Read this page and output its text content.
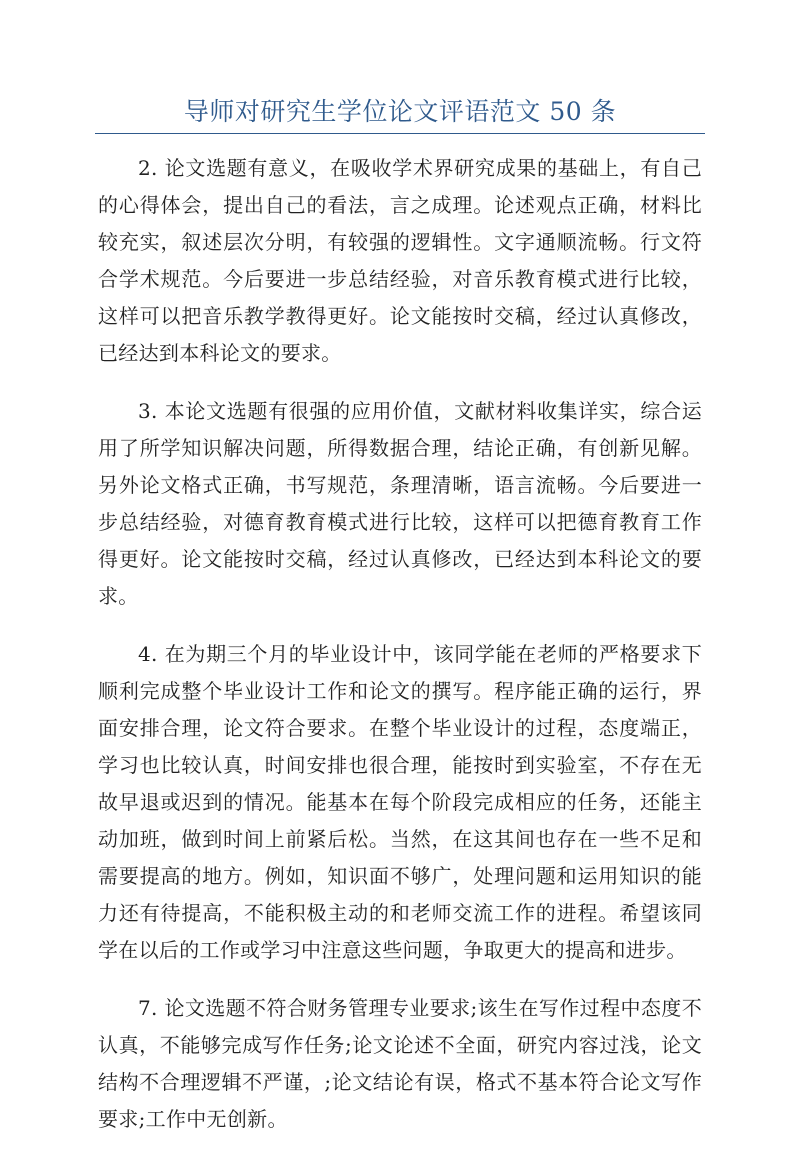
导师对研究生学位论文评语范文 50 条

2. 论文选题有意义，在吸收学术界研究成果的基础上，有自己的心得体会，提出自己的看法，言之成理。论述观点正确，材料比较充实，叙述层次分明，有较强的逻辑性。文字通顺流畅。行文符合学术规范。今后要进一步总结经验，对音乐教育模式进行比较，这样可以把音乐教学教得更好。论文能按时交稿，经过认真修改，已经达到本科论文的要求。

3. 本论文选题有很强的应用价值，文献材料收集详实，综合运用了所学知识解决问题，所得数据合理，结论正确，有创新见解。另外论文格式正确，书写规范，条理清晰，语言流畅。今后要进一步总结经验，对德育教育模式进行比较，这样可以把德育教育工作得更好。论文能按时交稿，经过认真修改，已经达到本科论文的要求。

4. 在为期三个月的毕业设计中，该同学能在老师的严格要求下顺利完成整个毕业设计工作和论文的撰写。程序能正确的运行，界面安排合理，论文符合要求。在整个毕业设计的过程，态度端正，学习也比较认真，时间安排也很合理，能按时到实验室，不存在无故早退或迟到的情况。能基本在每个阶段完成相应的任务，还能主动加班，做到时间上前紧后松。当然，在这其间也存在一些不足和需要提高的地方。例如，知识面不够广，处理问题和运用知识的能力还有待提高，不能积极主动的和老师交流工作的进程。希望该同学在以后的工作或学习中注意这些问题，争取更大的提高和进步。

7. 论文选题不符合财务管理专业要求;该生在写作过程中态度不认真，不能够完成写作任务;论文论述不全面，研究内容过浅，论文结构不合理逻辑不严谨，;论文结论有误，格式不基本符合论文写作要求;工作中无创新。
